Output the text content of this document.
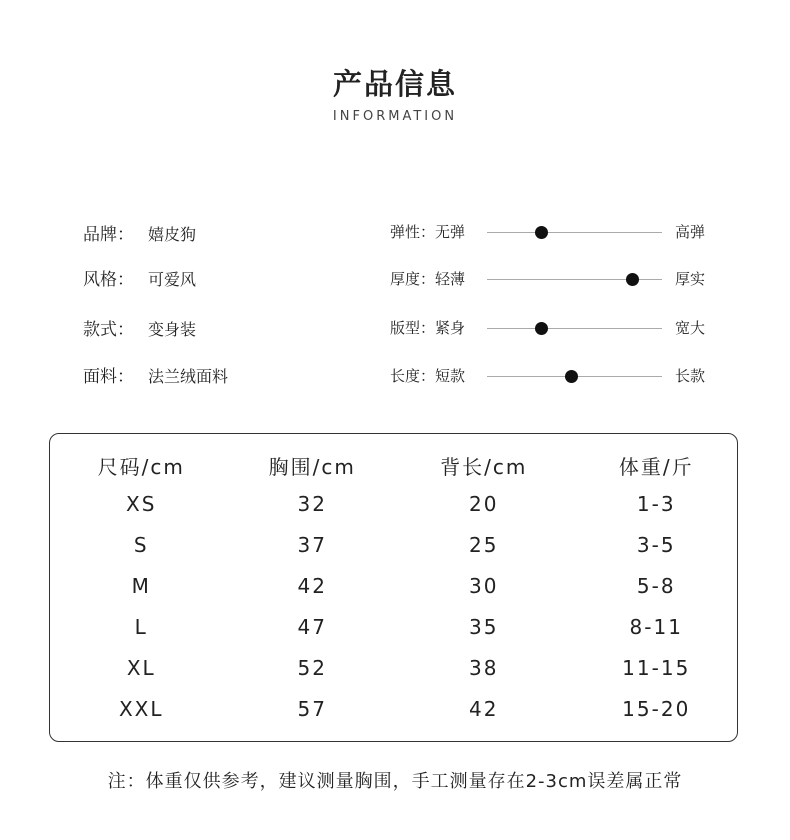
产品信息
INFORMATION
尺码/cm	胸围/cm	背长/cm	体重/斤
XS	32	20	1-3
S	37	25	3-5
M	42	30	5-8
L	47	35	8-11
XL	52	38	11-15
XXL	57	42	15-20
注：体重仅供参考，建议测量胸围，手工测量存在2-3cm误差属正常
品牌： 嬉皮狗
风格： 可爱风
款式： 变身装
面料： 法兰绒面料
弹性：无弹	高弹
厚度：轻薄	厚实
版型：紧身	宽大
长度：短款	长款
